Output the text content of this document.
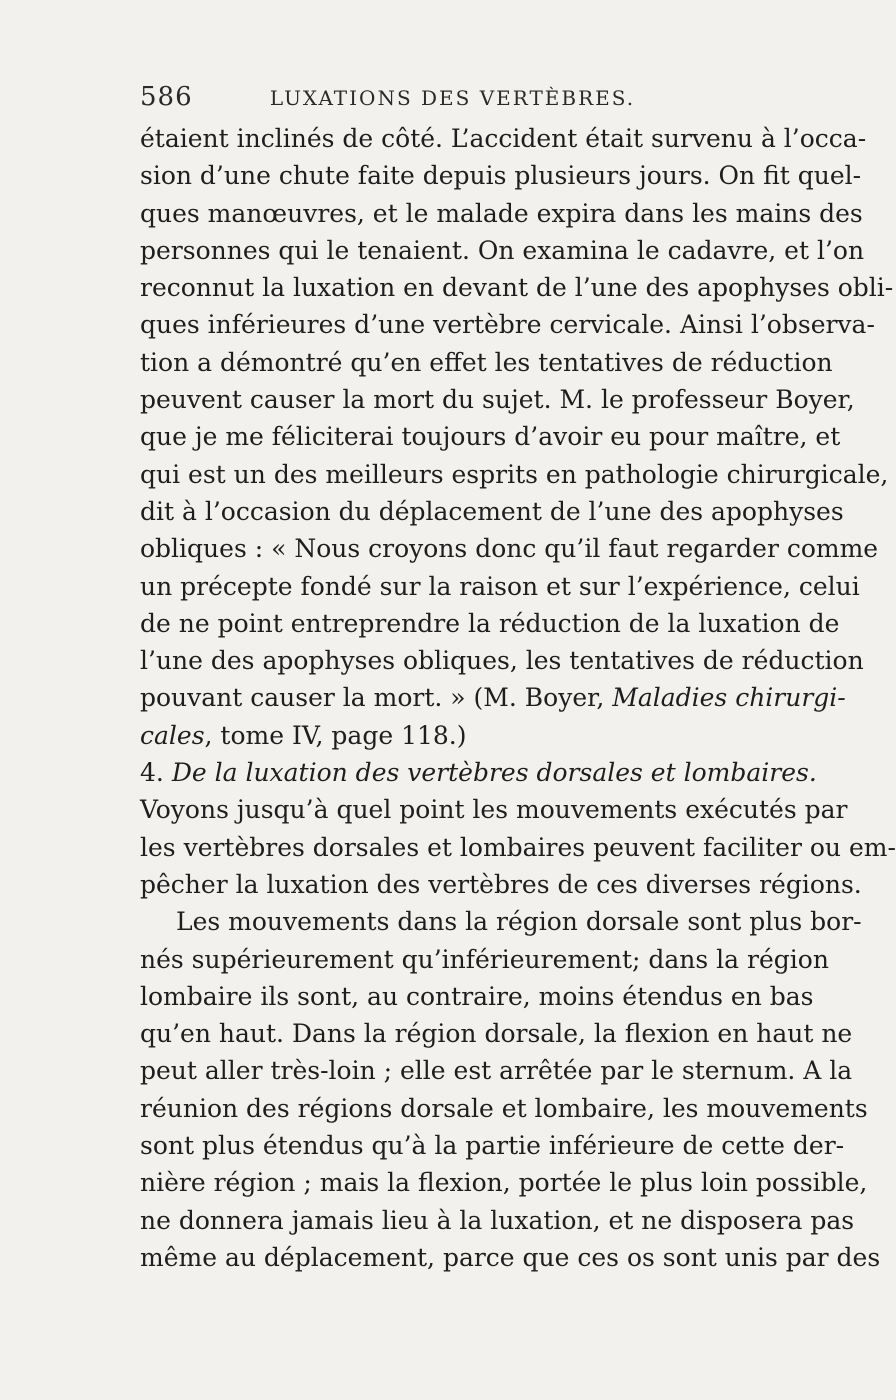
586	LUXATIONS DES VERTÈBRES.
étaient inclinés de côté. L’accident était survenu à l’occa-
sion d’une chute faite depuis plusieurs jours. On fit quel-
ques manœuvres, et le malade expira dans les mains des
personnes qui le tenaient. On examina le cadavre, et l’on
reconnut la luxation en devant de l’une des apophyses obli-
ques inférieures d’une vertèbre cervicale. Ainsi l’observa-
tion a démontré qu’en effet les tentatives de réduction
peuvent causer la mort du sujet. M. le professeur Boyer,
que je me féliciterai toujours d’avoir eu pour maître, et
qui est un des meilleurs esprits en pathologie chirurgicale,
dit à l’occasion du déplacement de l’une des apophyses
obliques : « Nous croyons donc qu’il faut regarder comme
un précepte fondé sur la raison et sur l’expérience, celui
de ne point entreprendre la réduction de la luxation de
l’une des apophyses obliques, les tentatives de réduction
pouvant causer la mort. » (M. Boyer, Maladies chirurgi-
cales, tome IV, page 118.)
4. De la luxation des vertèbres dorsales et lombaires.
Voyons jusqu’à quel point les mouvements exécutés par
les vertèbres dorsales et lombaires peuvent faciliter ou em-
pêcher la luxation des vertèbres de ces diverses régions.
Les mouvements dans la région dorsale sont plus bor-
nés supérieurement qu’inférieurement; dans la région
lombaire ils sont, au contraire, moins étendus en bas
qu’en haut. Dans la région dorsale, la flexion en haut ne
peut aller très-loin ; elle est arrêtée par le sternum. A la
réunion des régions dorsale et lombaire, les mouvements
sont plus étendus qu’à la partie inférieure de cette der-
nière région ; mais la flexion, portée le plus loin possible,
ne donnera jamais lieu à la luxation, et ne disposera pas
même au déplacement, parce que ces os sont unis par des
